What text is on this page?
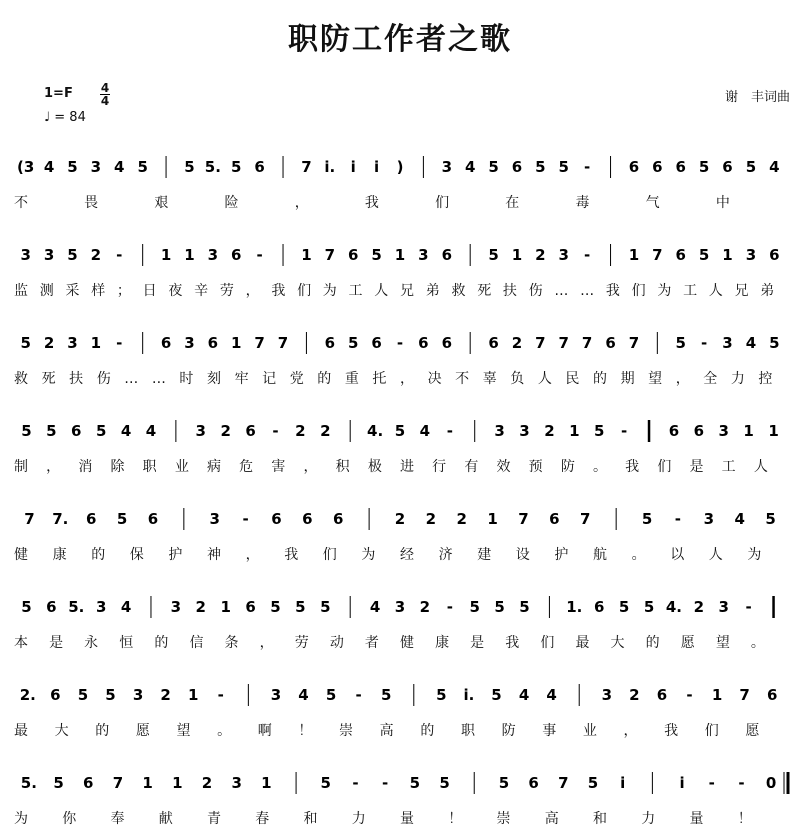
职防工作者之歌
1=F 4
4
♩ = 84
谢　丰词曲
(3 4 5 3 4 5 5 5. 5 6 7 i. i i )	3 4 5 6 5 5 -	6 6 6 5 6 5 4
不畏艰险，我们在毒气中
3 3 5 2 -	1 1 3 6 -	1 7 6 5 1 3 6 5 1 2 3 -	1 7 6 5 1 3 6
监测采样；日夜辛劳，我们为工人兄弟救死扶伤……我们为工人兄弟
5 2 3 1 -	6 3 6 1 7 7 6 5 6 - 6 6 6 2 7 7 7 6 7 5 - 3 4 5
救死扶伤……时刻牢记党的重托，决不辜负人民的期望，全力控
5 5 6 5 4 4	3 2 6 - 2 2 4. 5 4 -	3 3 2 1 5 -	6 6 3 1 1
制，消除职业病危害，积极进行有效预防。我们是工人
7 7. 6 5 6	3 - 6 6 6	2 2 2 1 7 6 7	5 - 3 4 5
健康的保护神，我们为经济建设护航。以人为
5 6 5. 3 4	3 2 1 6 5 5 5	4 3 2 - 5 5 5 1. 6 5 5 4. 2 3 -
本是永恒的信条，劳动者健康是我们最大的愿望。
2. 6 5 5 3 2 1 -	3 4 5 - 5	5 i. 5 4 4	3 2 6 - 1 7 6
最大的愿望。啊！崇高的职防事业，我们愿
5. 5 6 7 1 1 2 3 1	5 - - 5 5	5 6 7 5 i	i - - 0
为你奉献青春和力量！崇高和力量！
